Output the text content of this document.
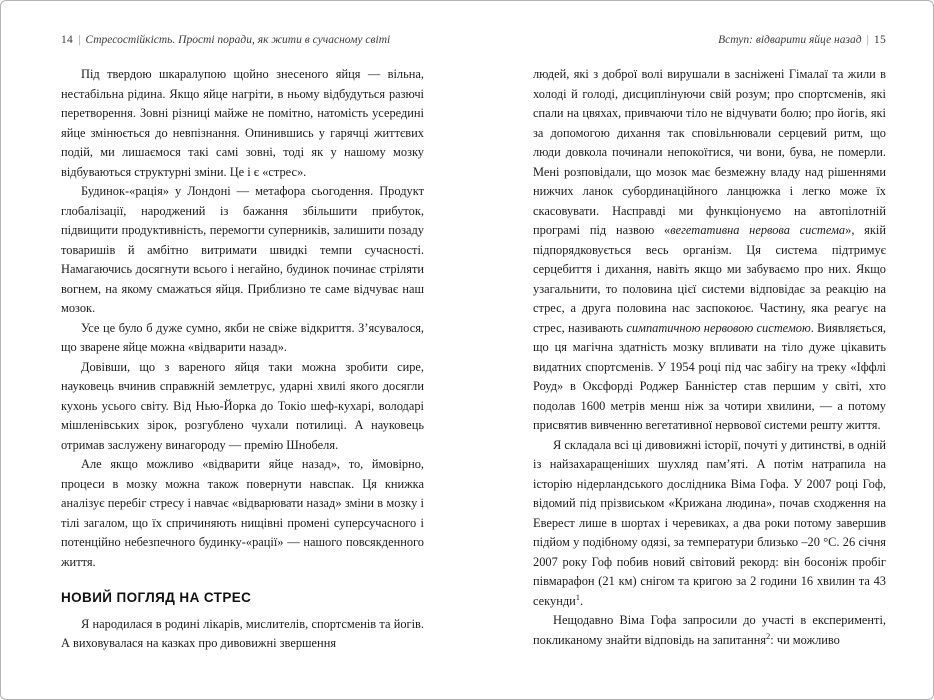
14 | Стресостійкість. Прості поради, як жити в сучасному світі

Під твердою шкаралупою щойно знесеного яйця — вільна, нестабільна рідина. Якщо яйце нагріти, в ньому відбудуться разючі перетворення. Зовні різниці майже не помітно, натомість усередині яйце змінюється до невпізнання. Опинившись у гарячці життєвих подій, ми лишаємося такі самі зовні, тоді як у нашому мозку відбуваються структурні зміни. Це і є «стрес».

Будинок-«рація» у Лондоні — метафора сьогодення. Продукт глобалізації, народжений із бажання збільшити прибуток, підвищити продуктивність, перемогти суперників, залишити позаду товаришів й амбітно витримати швидкі темпи сучасності. Намагаючись досягнути всього і негайно, будинок починає стріляти вогнем, на якому смажаться яйця. Приблизно те саме відчуває наш мозок.

Усе це було б дуже сумно, якби не свіже відкриття. З’ясувалося, що зварене яйце можна «відварити назад».

Довівши, що з вареного яйця таки можна зробити сире, науковець вчинив справжній землетрус, ударні хвилі якого досягли кухонь усього світу. Від Нью-Йорка до Токіо шеф-кухарі, володарі мішленівських зірок, розгублено чухали потилиці. А науковець отримав заслужену винагороду — премію Шнобеля.

Але якщо можливо «відварити яйце назад», то, ймовірно, процеси в мозку можна також повернути навспак. Ця книжка аналізує перебіг стресу і навчає «відварювати назад» зміни в мозку і тілі загалом, що їх спричиняють нищівні промені суперсучасного і потенційно небезпечного будинку-«рації» — нашого повсякденного життя.

НОВИЙ ПОГЛЯД НА СТРЕС

Я народилася в родині лікарів, мислителів, спортсменів та йогів. А виховувалася на казках про дивовижні звершення

Вступ: відварити яйце назад | 15

людей, які з доброї волі вирушали в засніжені Гімалаї та жили в холоді й голоді, дисциплінуючи свій розум; про спортсменів, які спали на цвяхах, привчаючи тіло не відчувати болю; про йогів, які за допомогою дихання так сповільнювали серцевий ритм, що люди довкола починали непокоїтися, чи вони, бува, не померли. Мені розповідали, що мозок має безмежну владу над рішеннями нижчих ланок субординаційного ланцюжка і легко може їх скасовувати. Насправді ми функціонуємо на автопілотній програмі під назвою «вегетативна нервова система», якій підпорядковується весь організм. Ця система підтримує серцебиття і дихання, навіть якщо ми забуваємо про них. Якщо узагальнити, то половина цієї системи відповідає за реакцію на стрес, а друга половина нас заспокоює. Частину, яка реагує на стрес, називають симпатичною нервовою системою. Виявляється, що ця магічна здатність мозку впливати на тіло дуже цікавить видатних спортсменів. У 1954 році під час забігу на треку «Іффлі Роуд» в Оксфорді Роджер Банністер став першим у світі, хто подолав 1600 метрів менш ніж за чотири хвилини, — а потому присвятив вивченню вегетативної нервової системи решту життя.

Я складала всі ці дивовижні історії, почуті у дитинстві, в одній із найзахаращеніших шухляд пам’яті. А потім натрапила на історію нідерландського дослідника Віма Гофа. У 2007 році Гоф, відомий під прізвиськом «Крижана людина», почав сходження на Еверест лише в шортах і черевиках, а два роки потому завершив підйом у подібному одязі, за температури близько –20 °C. 26 січня 2007 року Гоф побив новий світовий рекорд: він босоніж пробіг півмарафон (21 км) снігом та кригою за 2 години 16 хвилин та 43 секунди$^1$.

Нещодавно Віма Гофа запросили до участі в експерименті, покликаному знайти відповідь на запитання$^2$: чи можливо
